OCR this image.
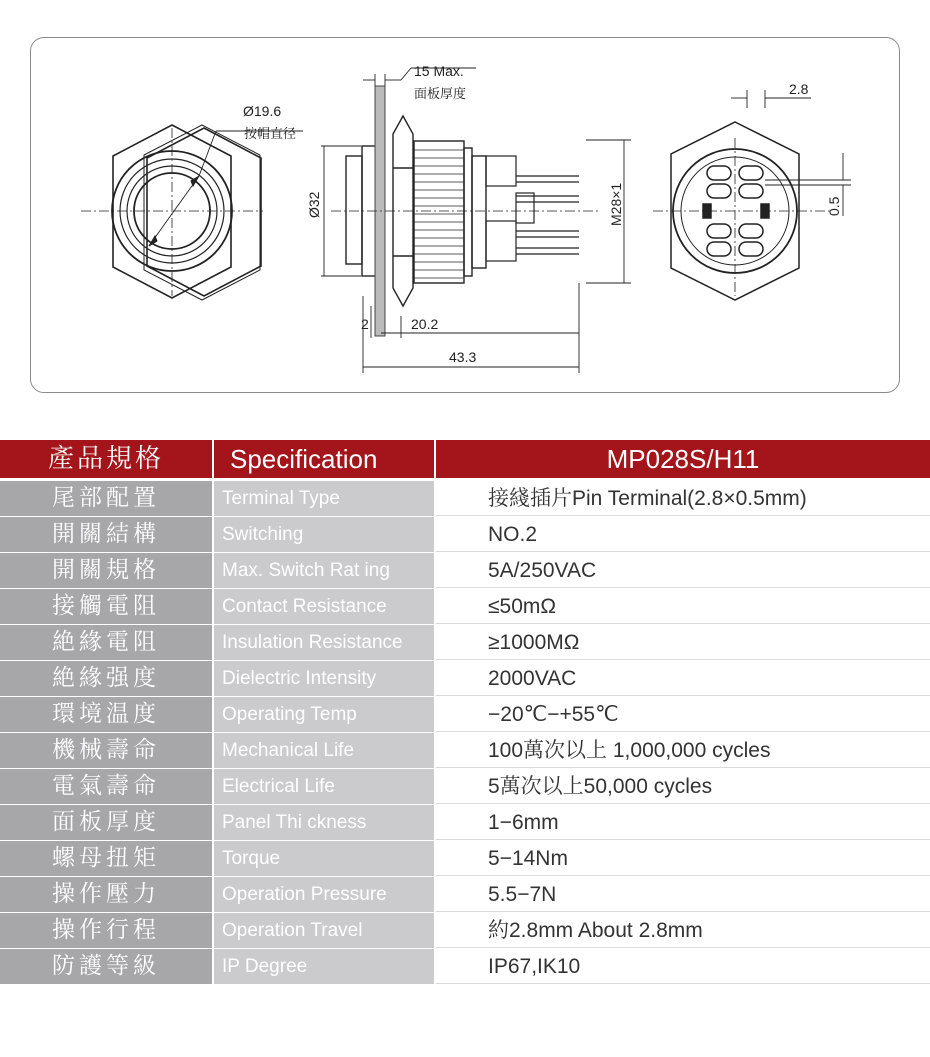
Ø19.6
按帽直径
15 Max.
面板厚度
Ø32	M28×1
2	20.2
43.3
2.8
0.5
產品規格	Specification	MP028S/H11
尾部配置	Terminal Type	接綫插片Pin Terminal(2.8×0.5mm)
開關結構	Switching	NO.2
開關規格	Max. Switch Rat ing	5A/250VAC
接觸電阻	Contact Resistance	≤50mΩ
絶緣電阻	Insulation Resistance	≥1000MΩ
絶緣强度	Dielectric Intensity	2000VAC
環境温度	Operating Temp	−20℃−+55℃
機械壽命	Mechanical Life	100萬次以上 1,000,000 cycles
電氣壽命	Electrical Life	5萬次以上50,000 cycles
面板厚度	Panel Thi ckness	1−6mm
螺母扭矩	Torque	5−14Nm
操作壓力	Operation Pressure	5.5−7N
操作行程	Operation Travel	約2.8mm About 2.8mm
防護等級	IP Degree	IP67,IK10
